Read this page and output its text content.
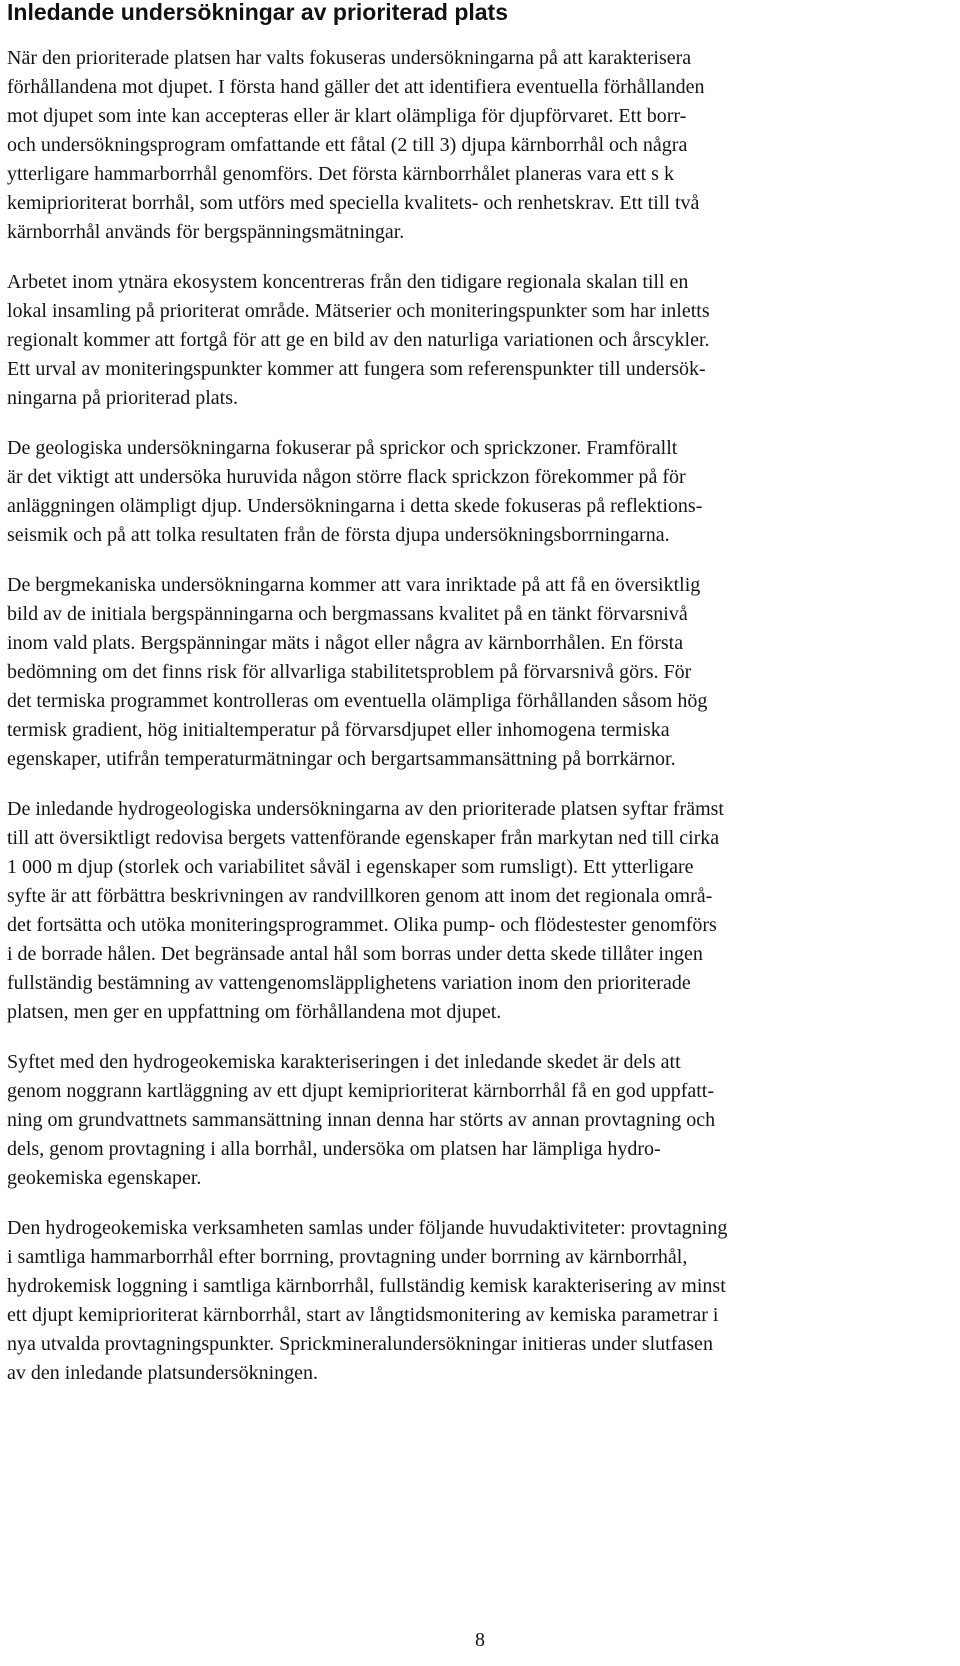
Inledande undersökningar av prioriterad plats

När den prioriterade platsen har valts fokuseras undersökningarna på att karakterisera
förhållandena mot djupet. I första hand gäller det att identifiera eventuella förhållanden
mot djupet som inte kan accepteras eller är klart olämpliga för djupförvaret. Ett borr-
och undersökningsprogram omfattande ett fåtal (2 till 3) djupa kärnborrhål och några
ytterligare hammarborrhål genomförs. Det första kärnborrhålet planeras vara ett s k
kemiprioriterat borrhål, som utförs med speciella kvalitets- och renhetskrav. Ett till två
kärnborrhål används för bergspänningsmätningar.

Arbetet inom ytnära ekosystem koncentreras från den tidigare regionala skalan till en
lokal insamling på prioriterat område. Mätserier och moniteringspunkter som har inletts
regionalt kommer att fortgå för att ge en bild av den naturliga variationen och årscykler.
Ett urval av moniteringspunkter kommer att fungera som referenspunkter till undersök-
ningarna på prioriterad plats.

De geologiska undersökningarna fokuserar på sprickor och sprickzoner. Framförallt
är det viktigt att undersöka huruvida någon större flack sprickzon förekommer på för
anläggningen olämpligt djup. Undersökningarna i detta skede fokuseras på reflektions-
seismik och på att tolka resultaten från de första djupa undersökningsborrningarna.

De bergmekaniska undersökningarna kommer att vara inriktade på att få en översiktlig
bild av de initiala bergspänningarna och bergmassans kvalitet på en tänkt förvarsnivå
inom vald plats. Bergspänningar mäts i något eller några av kärnborrhålen. En första
bedömning om det finns risk för allvarliga stabilitetsproblem på förvarsnivå görs. För
det termiska programmet kontrolleras om eventuella olämpliga förhållanden såsom hög
termisk gradient, hög initialtemperatur på förvarsdjupet eller inhomogena termiska
egenskaper, utifrån temperaturmätningar och bergartsammansättning på borrkärnor.

De inledande hydrogeologiska undersökningarna av den prioriterade platsen syftar främst
till att översiktligt redovisa bergets vattenförande egenskaper från markytan ned till cirka
1 000 m djup (storlek och variabilitet såväl i egenskaper som rumsligt). Ett ytterligare
syfte är att förbättra beskrivningen av randvillkoren genom att inom det regionala områ-
det fortsätta och utöka moniteringsprogrammet. Olika pump- och flödestester genomförs
i de borrade hålen. Det begränsade antal hål som borras under detta skede tillåter ingen
fullständig bestämning av vattengenomsläpplighetens variation inom den prioriterade
platsen, men ger en uppfattning om förhållandena mot djupet.

Syftet med den hydrogeokemiska karakteriseringen i det inledande skedet är dels att
genom noggrann kartläggning av ett djupt kemiprioriterat kärnborrhål få en god uppfatt-
ning om grundvattnets sammansättning innan denna har störts av annan provtagning och
dels, genom provtagning i alla borrhål, undersöka om platsen har lämpliga hydro-
geokemiska egenskaper.

Den hydrogeokemiska verksamheten samlas under följande huvudaktiviteter: provtagning
i samtliga hammarborrhål efter borrning, provtagning under borrning av kärnborrhål,
hydrokemisk loggning i samtliga kärnborrhål, fullständig kemisk karakterisering av minst
ett djupt kemiprioriterat kärnborrhål, start av långtidsmonitering av kemiska parametrar i
nya utvalda provtagningspunkter. Sprickmineralundersökningar initieras under slutfasen
av den inledande platsundersökningen.

8
